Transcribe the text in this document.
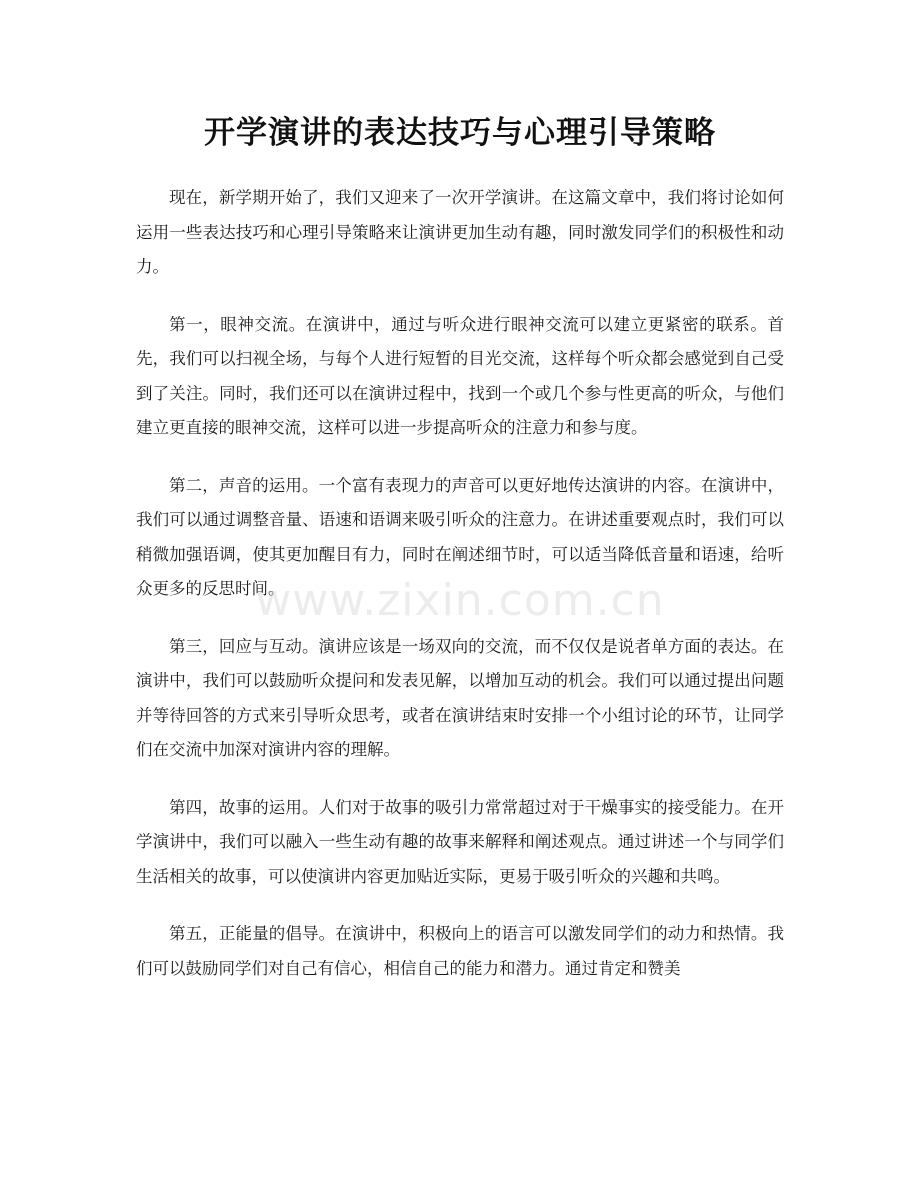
开学演讲的表达技巧与心理引导策略

现在，新学期开始了，我们又迎来了一次开学演讲。在这篇文章中，我们将讨论如何运用一些表达技巧和心理引导策略来让演讲更加生动有趣，同时激发同学们的积极性和动力。

第一，眼神交流。在演讲中，通过与听众进行眼神交流可以建立更紧密的联系。首先，我们可以扫视全场，与每个人进行短暂的目光交流，这样每个听众都会感觉到自己受到了关注。同时，我们还可以在演讲过程中，找到一个或几个参与性更高的听众，与他们建立更直接的眼神交流，这样可以进一步提高听众的注意力和参与度。

第二，声音的运用。一个富有表现力的声音可以更好地传达演讲的内容。在演讲中，我们可以通过调整音量、语速和语调来吸引听众的注意力。在讲述重要观点时，我们可以稍微加强语调，使其更加醒目有力，同时在阐述细节时，可以适当降低音量和语速，给听众更多的反思时间。

第三，回应与互动。演讲应该是一场双向的交流，而不仅仅是说者单方面的表达。在演讲中，我们可以鼓励听众提问和发表见解，以增加互动的机会。我们可以通过提出问题并等待回答的方式来引导听众思考，或者在演讲结束时安排一个小组讨论的环节，让同学们在交流中加深对演讲内容的理解。

第四，故事的运用。人们对于故事的吸引力常常超过对于干燥事实的接受能力。在开学演讲中，我们可以融入一些生动有趣的故事来解释和阐述观点。通过讲述一个与同学们生活相关的故事，可以使演讲内容更加贴近实际，更易于吸引听众的兴趣和共鸣。

第五，正能量的倡导。在演讲中，积极向上的语言可以激发同学们的动力和热情。我们可以鼓励同学们对自己有信心，相信自己的能力和潜力。通过肯定和赞美

www.zixin.com.cn
